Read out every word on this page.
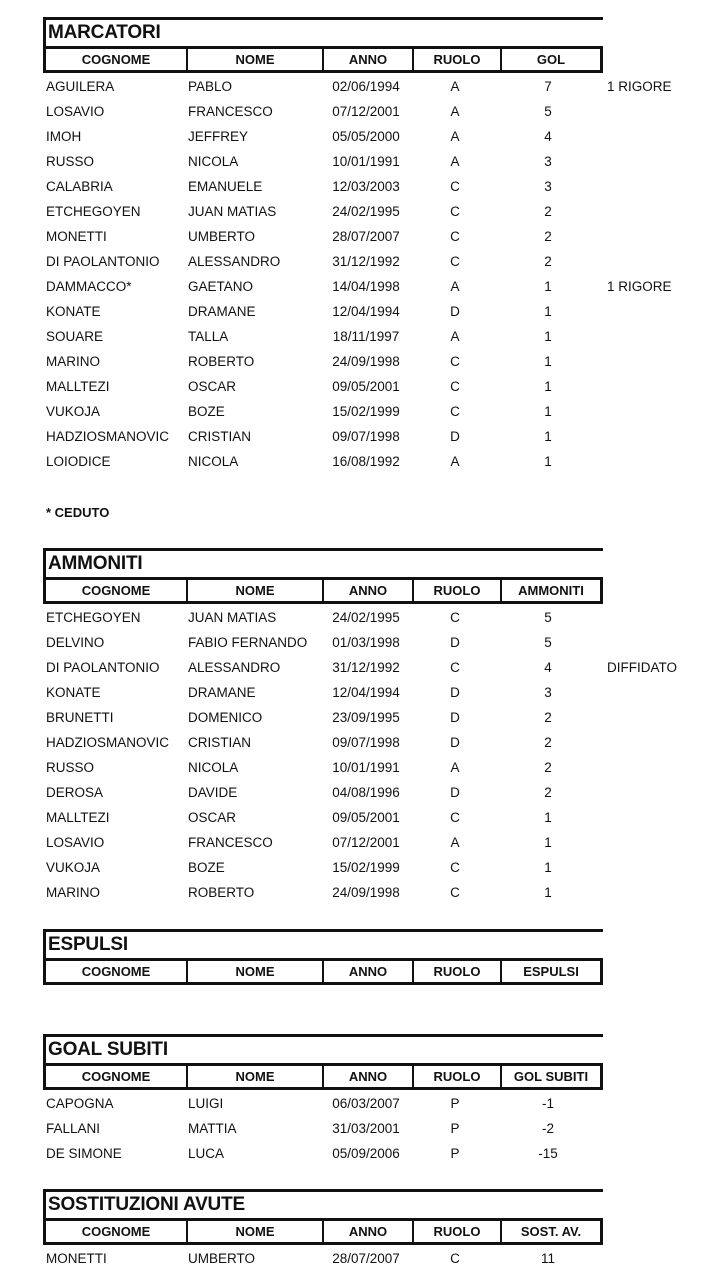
MARCATORI
COGNOME	NOME	ANNO	RUOLO	GOL
AGUILERA	PABLO	02/06/1994	A	7	1 RIGORE
LOSAVIO	FRANCESCO	07/12/2001	A	5
IMOH	JEFFREY	05/05/2000	A	4
RUSSO	NICOLA	10/01/1991	A	3
CALABRIA	EMANUELE	12/03/2003	C	3
ETCHEGOYEN	JUAN MATIAS	24/02/1995	C	2
MONETTI	UMBERTO	28/07/2007	C	2
DI PAOLANTONIO	ALESSANDRO	31/12/1992	C	2
DAMMACCO*	GAETANO	14/04/1998	A	1	1 RIGORE
KONATE	DRAMANE	12/04/1994	D	1
SOUARE	TALLA	18/11/1997	A	1
MARINO	ROBERTO	24/09/1998	C	1
MALLTEZI	OSCAR	09/05/2001	C	1
VUKOJA	BOZE	15/02/1999	C	1
HADZIOSMANOVIC	CRISTIAN	09/07/1998	D	1
LOIODICE	NICOLA	16/08/1992	A	1
* CEDUTO
AMMONITI
COGNOME	NOME	ANNO	RUOLO	AMMONITI
ETCHEGOYEN	JUAN MATIAS	24/02/1995	C	5
DELVINO	FABIO FERNANDO	01/03/1998	D	5
DI PAOLANTONIO	ALESSANDRO	31/12/1992	C	4	DIFFIDATO
KONATE	DRAMANE	12/04/1994	D	3
BRUNETTI	DOMENICO	23/09/1995	D	2
HADZIOSMANOVIC	CRISTIAN	09/07/1998	D	2
RUSSO	NICOLA	10/01/1991	A	2
DEROSA	DAVIDE	04/08/1996	D	2
MALLTEZI	OSCAR	09/05/2001	C	1
LOSAVIO	FRANCESCO	07/12/2001	A	1
VUKOJA	BOZE	15/02/1999	C	1
MARINO	ROBERTO	24/09/1998	C	1
ESPULSI
COGNOME	NOME	ANNO	RUOLO	ESPULSI
GOAL SUBITI
COGNOME	NOME	ANNO	RUOLO	GOL SUBITI
CAPOGNA	LUIGI	06/03/2007	P	-1
FALLANI	MATTIA	31/03/2001	P	-2
DE SIMONE	LUCA	05/09/2006	P	-15
SOSTITUZIONI AVUTE
COGNOME	NOME	ANNO	RUOLO	SOST. AV.
MONETTI	UMBERTO	28/07/2007	C	11
